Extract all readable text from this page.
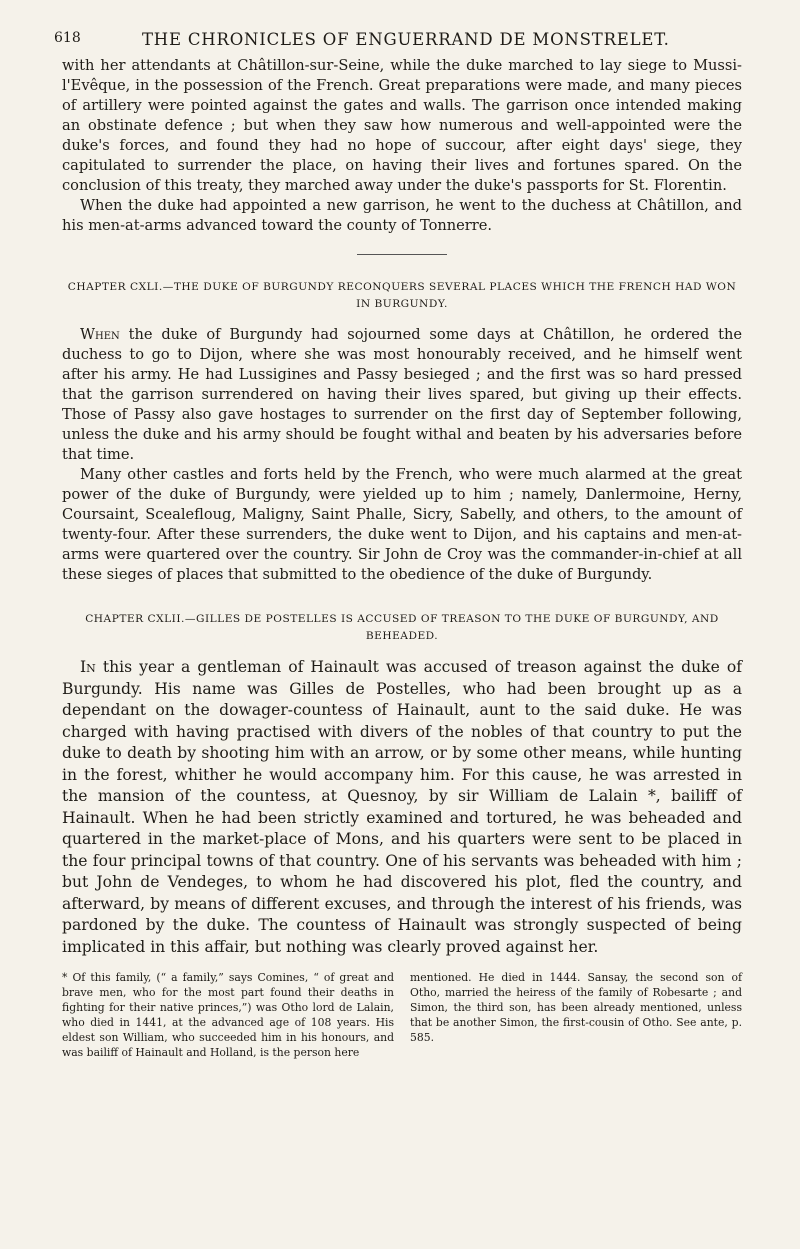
618	THE CHRONICLES OF ENGUERRAND DE MONSTRELET.

with her attendants at Châtillon-sur-Seine, while the duke marched to lay siege to Mussi-l'Evêque, in the possession of the French. Great preparations were made, and many pieces of artillery were pointed against the gates and walls. The garrison once intended making an obstinate defence ; but when they saw how numerous and well-appointed were the duke's forces, and found they had no hope of succour, after eight days' siege, they capitulated to surrender the place, on having their lives and fortunes spared. On the conclusion of this treaty, they marched away under the duke's passports for St. Florentin.

When the duke had appointed a new garrison, he went to the duchess at Châtillon, and his men-at-arms advanced toward the county of Tonnerre.

CHAPTER CXLI.—THE DUKE OF BURGUNDY RECONQUERS SEVERAL PLACES WHICH THE FRENCH HAD WON IN BURGUNDY.

When the duke of Burgundy had sojourned some days at Châtillon, he ordered the duchess to go to Dijon, where she was most honourably received, and he himself went after his army. He had Lussigines and Passy besieged ; and the first was so hard pressed that the garrison surrendered on having their lives spared, but giving up their effects. Those of Passy also gave hostages to surrender on the first day of September following, unless the duke and his army should be fought withal and beaten by his adversaries before that time.

Many other castles and forts held by the French, who were much alarmed at the great power of the duke of Burgundy, were yielded up to him ; namely, Danlermoine, Herny, Coursaint, Scealefloug, Maligny, Saint Phalle, Sicry, Sabelly, and others, to the amount of twenty-four. After these surrenders, the duke went to Dijon, and his captains and men-at-arms were quartered over the country. Sir John de Croy was the commander-in-chief at all these sieges of places that submitted to the obedience of the duke of Burgundy.

CHAPTER CXLII.—GILLES DE POSTELLES IS ACCUSED OF TREASON TO THE DUKE OF BURGUNDY, AND BEHEADED.

In this year a gentleman of Hainault was accused of treason against the duke of Burgundy. His name was Gilles de Postelles, who had been brought up as a dependant on the dowager-countess of Hainault, aunt to the said duke. He was charged with having practised with divers of the nobles of that country to put the duke to death by shooting him with an arrow, or by some other means, while hunting in the forest, whither he would accompany him. For this cause, he was arrested in the mansion of the countess, at Quesnoy, by sir William de Lalain *, bailiff of Hainault. When he had been strictly examined and tortured, he was beheaded and quartered in the market-place of Mons, and his quarters were sent to be placed in the four principal towns of that country. One of his servants was beheaded with him ; but John de Vendeges, to whom he had discovered his plot, fled the country, and afterward, by means of different excuses, and through the interest of his friends, was pardoned by the duke. The countess of Hainault was strongly suspected of being implicated in this affair, but nothing was clearly proved against her.

* Of this family, (“ a family,” says Comines, “ of great and brave men, who for the most part found their deaths in fighting for their native princes,”) was Otho lord de Lalain, who died in 1441, at the advanced age of 108 years. His eldest son William, who succeeded him in his honours, and was bailiff of Hainault and Holland, is the person here

mentioned. He died in 1444. Sansay, the second son of Otho, married the heiress of the family of Robesarte ; and Simon, the third son, has been already mentioned, unless that be another Simon, the first-cousin of Otho. See ante, p. 585.
